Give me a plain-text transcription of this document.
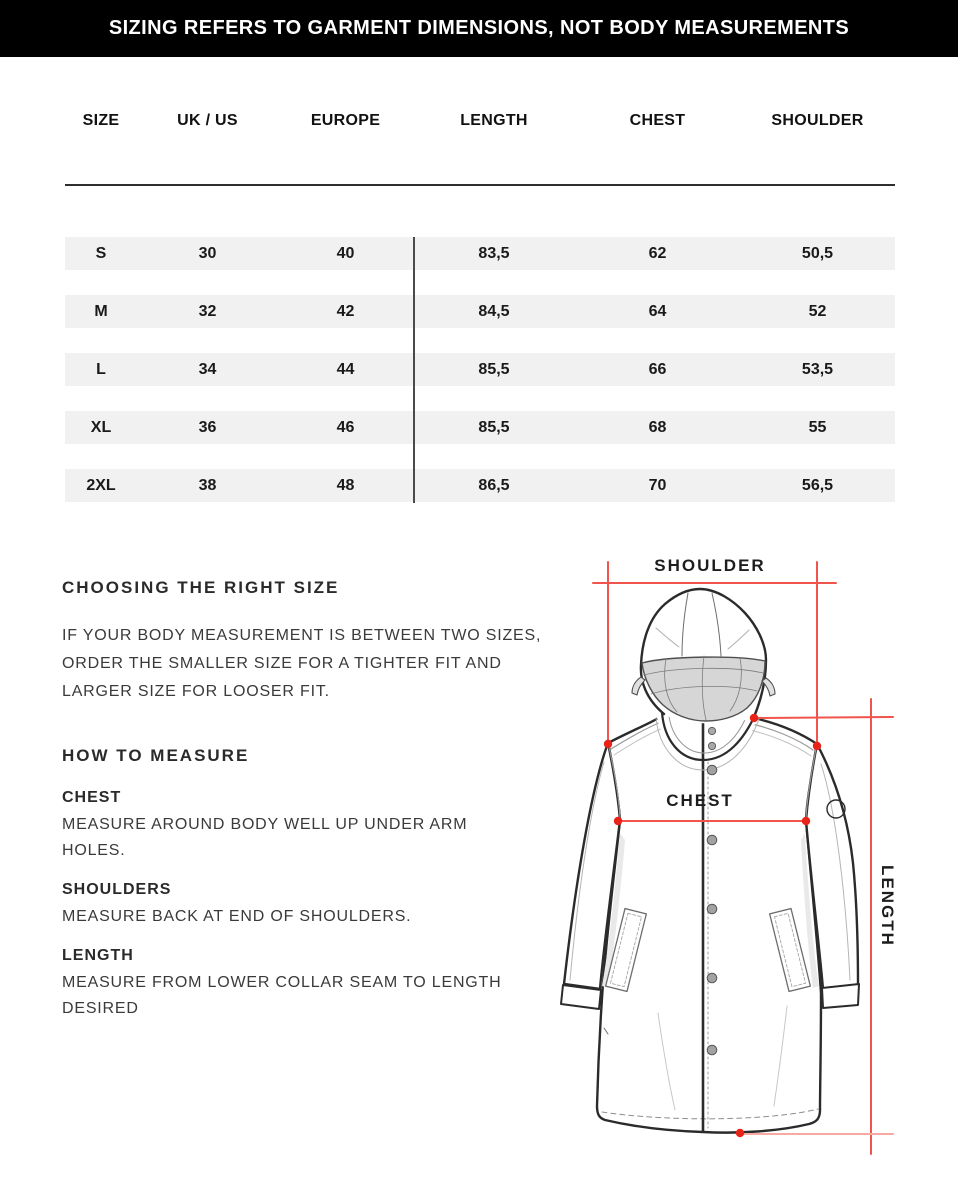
SIZING REFERS TO GARMENT DIMENSIONS, NOT BODY MEASUREMENTS
SIZE	UK / US	EUROPE	LENGTH	CHEST	SHOULDER
S	30	40	83,5	62	50,5
M	32	42	84,5	64	52
L	34	44	85,5	66	53,5
XL	36	46	85,5	68	55
2XL	38	48	86,5	70	56,5
CHOOSING THE RIGHT SIZE

IF YOUR BODY MEASUREMENT IS BETWEEN TWO SIZES, ORDER THE SMALLER SIZE FOR A TIGHTER FIT AND LARGER SIZE FOR LOOSER FIT.

HOW TO MEASURE

CHEST

MEASURE AROUND BODY WELL UP UNDER ARM HOLES.

SHOULDERS

MEASURE BACK AT END OF SHOULDERS.

LENGTH

MEASURE FROM LOWER COLLAR SEAM TO LENGTH DESIRED

SHOULDER
CHEST
LENGTH
